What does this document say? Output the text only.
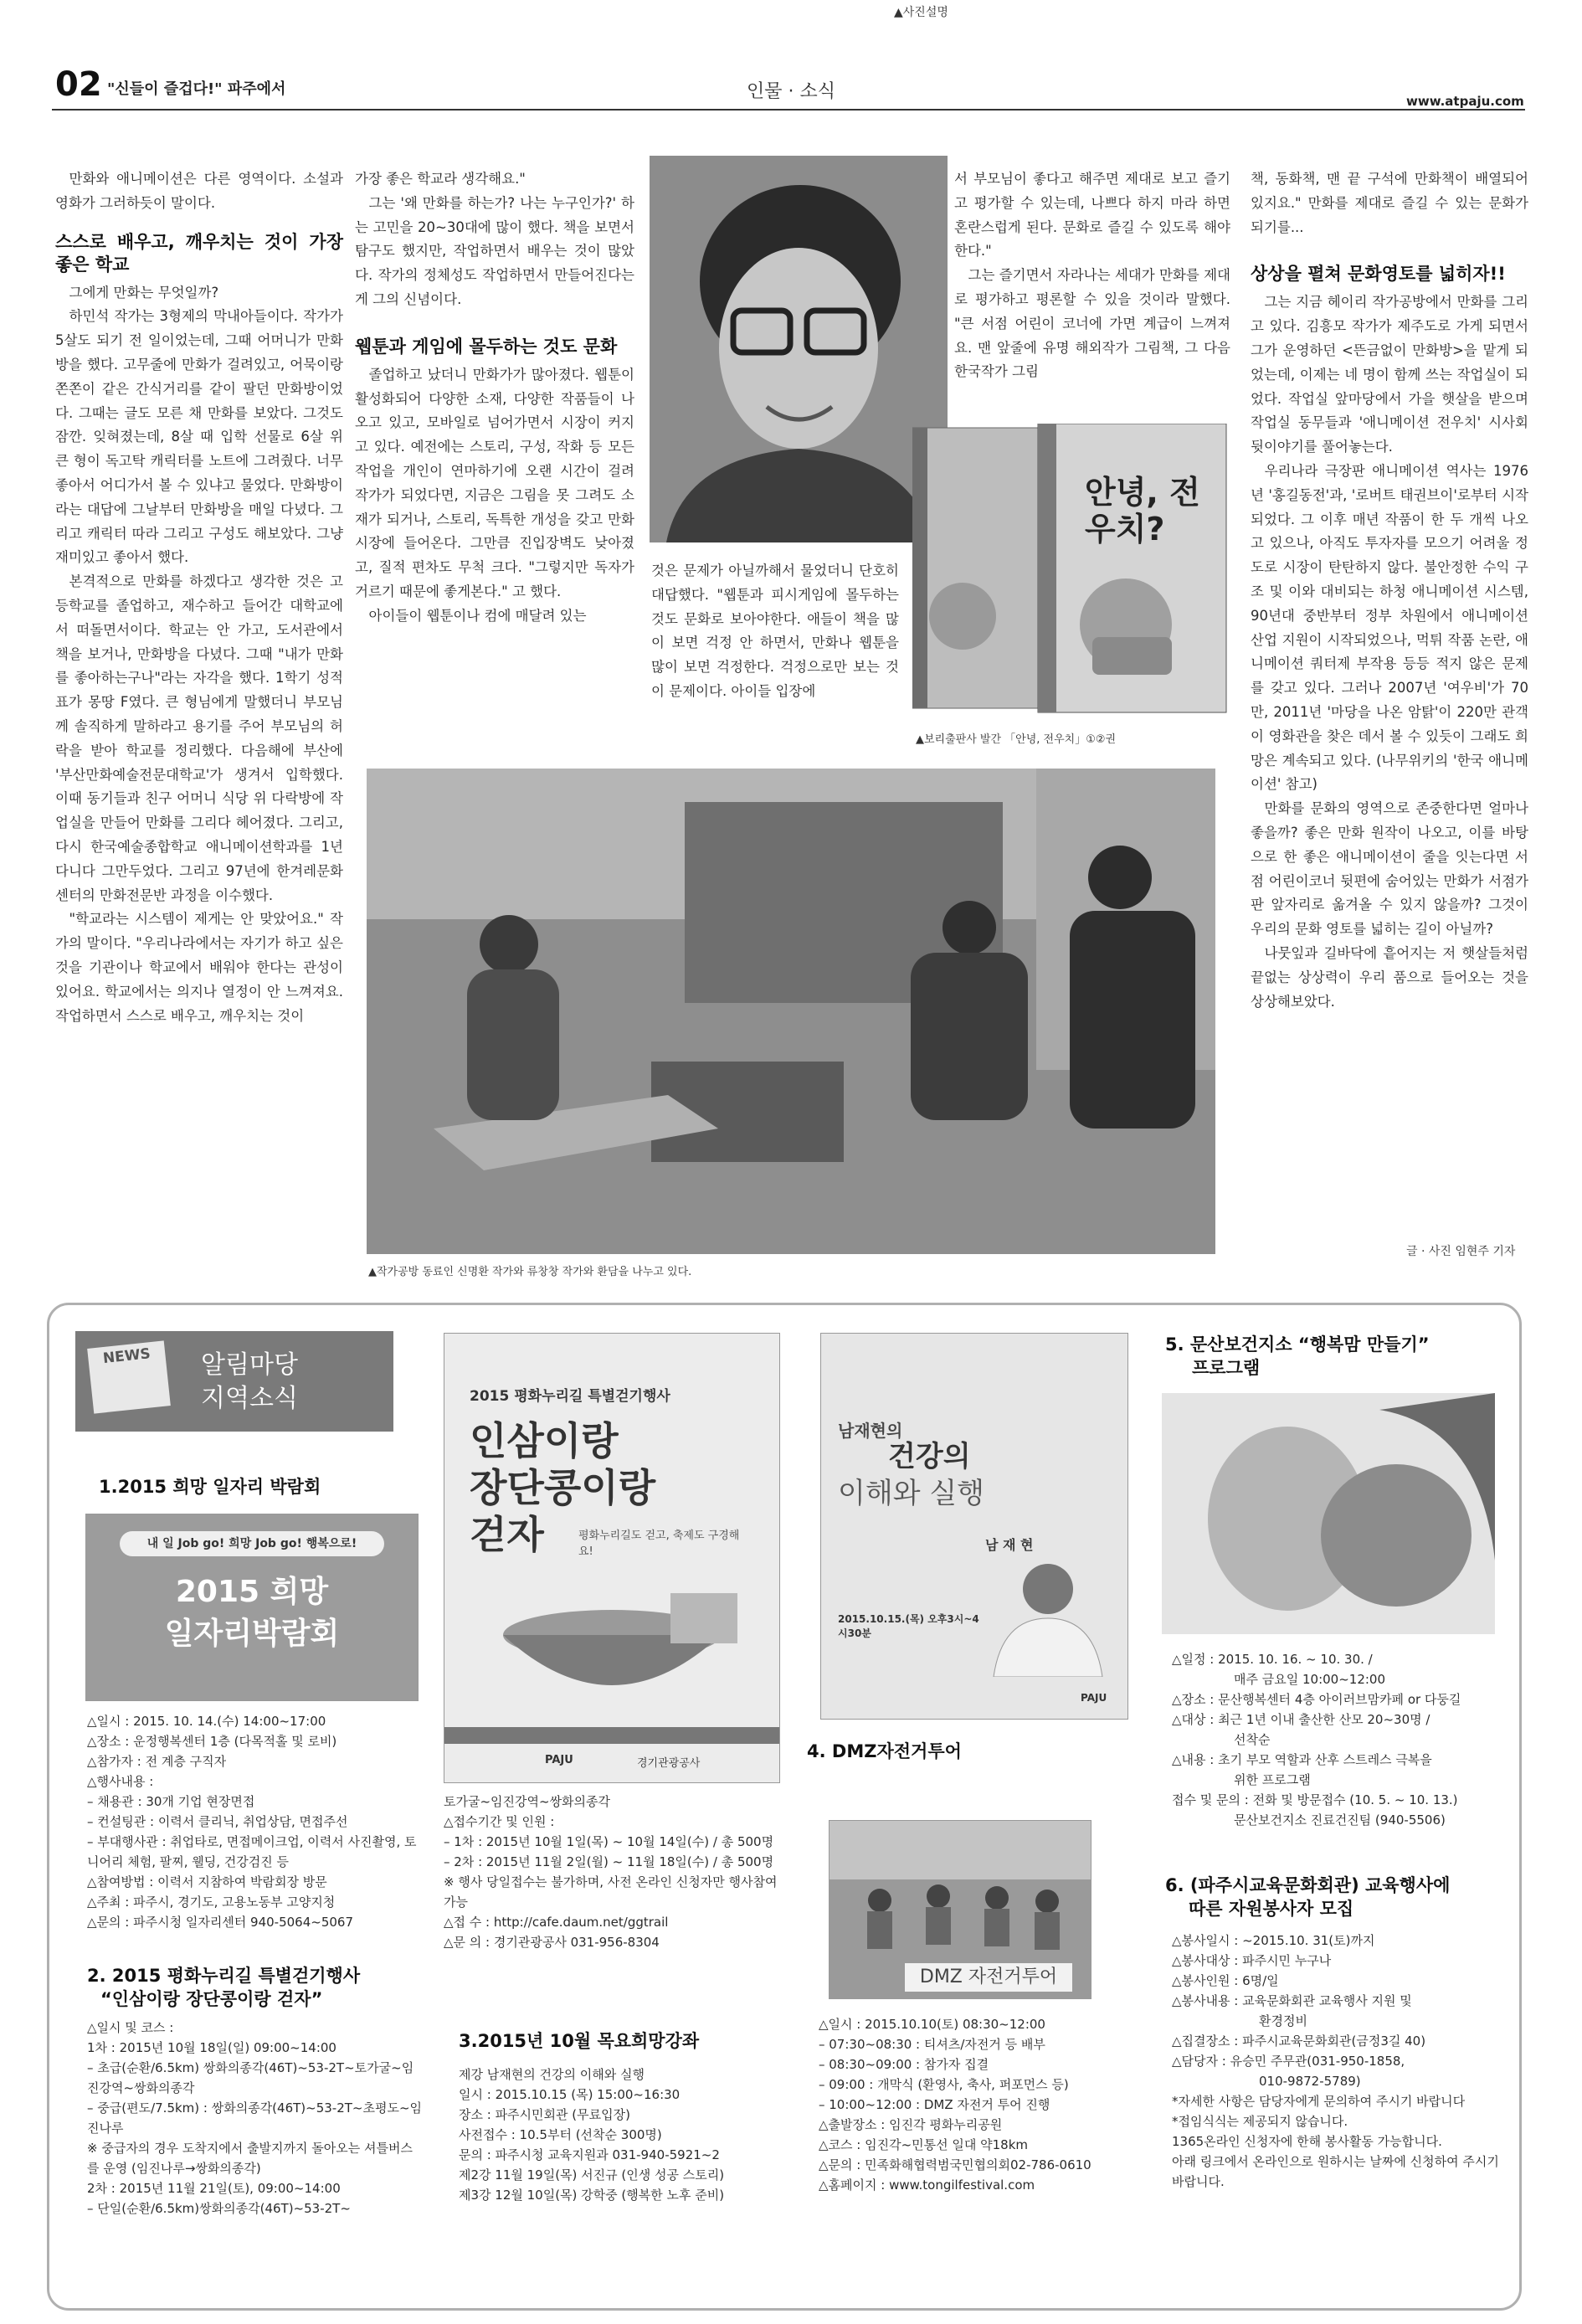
▲사진설명
02 "신들이 즐겁다!" 파주에서	인물 · 소식	www.atpaju.com

만화와 애니메이션은 다른 영역이다. 소설과 영화가 그러하듯이 말이다.

스스로 배우고, 깨우치는 것이 가장 좋은 학교

그에게 만화는 무엇일까?

하민석 작가는 3형제의 막내아들이다. 작가가 5살도 되기 전 일이었는데, 그때 어머니가 만화방을 했다. 고무줄에 만화가 걸려있고, 어묵이랑 쫀쫀이 같은 간식거리를 같이 팔던 만화방이었다. 그때는 글도 모른 채 만화를 보았다. 그것도 잠깐. 잊혀졌는데, 8살 때 입학 선물로 6살 위 큰 형이 독고탁 캐릭터를 노트에 그려줬다. 너무 좋아서 어디가서 볼 수 있냐고 물었다. 만화방이라는 대답에 그날부터 만화방을 매일 다녔다. 그리고 캐릭터 따라 그리고 구성도 해보았다. 그냥 재미있고 좋아서 했다.

본격적으로 만화를 하겠다고 생각한 것은 고등학교를 졸업하고, 재수하고 들어간 대학교에서 떠돌면서이다. 학교는 안 가고, 도서관에서 책을 보거나, 만화방을 다녔다. 그때 "내가 만화를 좋아하는구나"라는 자각을 했다. 1학기 성적표가 몽땅 F였다. 큰 형님에게 말했더니 부모님께 솔직하게 말하라고 용기를 주어 부모님의 허락을 받아 학교를 정리했다. 다음해에 부산에 '부산만화예술전문대학교'가 생겨서 입학했다. 이때 동기들과 친구 어머니 식당 위 다락방에 작업실을 만들어 만화를 그리다 헤어졌다. 그리고, 다시 한국예술종합학교 애니메이션학과를 1년 다니다 그만두었다. 그리고 97년에 한겨레문화센터의 만화전문반 과정을 이수했다.

"학교라는 시스템이 제게는 안 맞았어요." 작가의 말이다. "우리나라에서는 자기가 하고 싶은 것을 기관이나 학교에서 배워야 한다는 관성이 있어요. 학교에서는 의지나 열정이 안 느껴져요. 작업하면서 스스로 배우고, 깨우치는 것이

가장 좋은 학교라 생각해요."

그는 '왜 만화를 하는가? 나는 누구인가?' 하는 고민을 20~30대에 많이 했다. 책을 보면서 탐구도 했지만, 작업하면서 배우는 것이 많았다. 작가의 정체성도 작업하면서 만들어진다는 게 그의 신념이다.

웹툰과 게임에 몰두하는 것도 문화

졸업하고 났더니 만화가가 많아졌다. 웹툰이 활성화되어 다양한 소재, 다양한 작품들이 나오고 있고, 모바일로 넘어가면서 시장이 커지고 있다. 예전에는 스토리, 구성, 작화 등 모든 작업을 개인이 연마하기에 오랜 시간이 걸려 작가가 되었다면, 지금은 그림을 못 그려도 소재가 되거나, 스토리, 독특한 개성을 갖고 만화시장에 들어온다. 그만큼 진입장벽도 낮아졌고, 질적 편차도 무척 크다. "그렇지만 독자가 거르기 때문에 좋게본다." 고 했다.

아이들이 웹툰이나 컴에 매달려 있는

것은 문제가 아닐까해서 물었더니 단호히 대답했다. "웹툰과 피시게임에 몰두하는 것도 문화로 보아야한다. 애들이 책을 많이 보면 걱정 안 하면서, 만화나 웹툰을 많이 보면 걱정한다. 걱정으로만 보는 것이 문제이다. 아이들 입장에

안녕, 전우치?
▲보리출판사 발간 「안녕, 전우치」①②권

서 부모님이 좋다고 해주면 제대로 보고 즐기고 평가할 수 있는데, 나쁘다 하지 마라 하면 혼란스럽게 된다. 문화로 즐길 수 있도록 해야한다."

그는 즐기면서 자라나는 세대가 만화를 제대로 평가하고 평론할 수 있을 것이라 말했다. "큰 서점 어린이 코너에 가면 계급이 느껴져요. 맨 앞줄에 유명 해외작가 그림책, 그 다음 한국작가 그림

책, 동화책, 맨 끝 구석에 만화책이 배열되어 있지요." 만화를 제대로 즐길 수 있는 문화가 되기를...

상상을 펼쳐 문화영토를 넓히자!!

그는 지금 헤이리 작가공방에서 만화를 그리고 있다. 김흥모 작가가 제주도로 가게 되면서 그가 운영하던 <뜬금없이 만화방>을 맡게 되었는데, 이제는 네 명이 함께 쓰는 작업실이 되었다. 작업실 앞마당에서 가을 햇살을 받으며 작업실 동무들과 '애니메이션 전우치' 시사회 뒷이야기를 풀어놓는다.

우리나라 극장판 애니메이션 역사는 1976년 '홍길동전'과, '로버트 태권브이'로부터 시작되었다. 그 이후 매년 작품이 한 두 개씩 나오고 있으나, 아직도 투자자를 모으기 어려울 정도로 시장이 탄탄하지 않다. 불안정한 수익 구조 및 이와 대비되는 하청 애니메이션 시스템, 90년대 중반부터 정부 차원에서 애니메이션 산업 지원이 시작되었으나, 먹튀 작품 논란, 애니메이션 쿼터제 부작용 등등 적지 않은 문제를 갖고 있다. 그러나 2007년 '여우비'가 70만, 2011년 '마당을 나온 암탉'이 220만 관객이 영화관을 찾은 데서 볼 수 있듯이 그래도 희망은 계속되고 있다. (나무위키의 '한국 애니메이션' 참고)

만화를 문화의 영역으로 존중한다면 얼마나 좋을까? 좋은 만화 원작이 나오고, 이를 바탕으로 한 좋은 애니메이션이 줄을 잇는다면 서점 어린이코너 뒷편에 숨어있는 만화가 서점가판 앞자리로 옮겨올 수 있지 않을까? 그것이 우리의 문화 영토를 넓히는 길이 아닐까?

나뭇잎과 길바닥에 흩어지는 저 햇살들처럼 끝없는 상상력이 우리 품으로 들어오는 것을 상상해보았다.

글 · 사진 임현주 기자
▲작가공방 동료인 신명환 작가와 류창창 작가와 환담을 나누고 있다.
NEWS	알림마당
지역소식
1.2015 희망 일자리 박람회
내 일 Job go! 희망 Job go! 행복으로!
2015 희망
일자리박람회

△일시 : 2015. 10. 14.(수) 14:00~17:00

△장소 : 운정행복센터 1층 (다목적홀 및 로비)

△참가자 : 전 계층 구직자

△행사내용 :

– 채용관 : 30개 기업 현장면접

– 컨설팅관 : 이력서 클리닉, 취업상담, 면접주선

– 부대행사관 : 취업타로, 면접메이크업, 이력서 사진촬영, 토니어리 체험, 팔찌, 웰딩, 건강검진 등

△참여방법 : 이력서 지참하여 박람회장 방문

△주최 : 파주시, 경기도, 고용노동부 고양지청

△문의 : 파주시청 일자리센터 940-5064~5067

2. 2015 평화누리길 특별걷기행사
“인삼이랑 장단콩이랑 걷자”

△일시 및 코스 :

1차 : 2015년 10월 18일(일) 09:00~14:00

– 초급(순환/6.5km) 쌍화의종각(46T)~53-2T~토가굴~임진강역~쌍화의종각

– 중급(편도/7.5km) : 쌍화의종각(46T)~53-2T~초평도~임진나루

※ 중급자의 경우 도착지에서 출발지까지 돌아오는 셔틀버스를 운영 (임진나루→쌍화의종각)

2차 : 2015년 11월 21일(토), 09:00~14:00

– 단일(순환/6.5km)쌍화의종각(46T)~53-2T~

2015 평화누리길 특별걷기행사
인삼이랑
장단콩이랑
걷자	평화누리길도 걷고, 축제도 구경해요!
PAJU	경기관광공사

토가굴~임진강역~쌍화의종각

△접수기간 및 인원 :

– 1차 : 2015년 10월 1일(목) ~ 10월 14일(수) / 총 500명

– 2차 : 2015년 11월 2일(월) ~ 11월 18일(수) / 총 500명

※ 행사 당일접수는 불가하며, 사전 온라인 신청자만 행사참여 가능

△접 수 : http://cafe.daum.net/ggtrail

△문 의 : 경기관광공사 031-956-8304

3.2015년 10월 목요희망강좌

제강 남재현의 건강의 이해와 실행

일시 : 2015.10.15 (목) 15:00~16:30

장소 : 파주시민회관 (무료입장)

사전접수 : 10.5부터 (선착순 300명)

문의 : 파주시청 교육지원과 031-940-5921~2

제2강 11월 19일(목) 서진규 (인생 성공 스토리)

제3강 12월 10일(목) 강학중 (행복한 노후 준비)

남재현의
건강의
이해와 실행
남 재 현
2015.10.15.(목) 오후3시~4시30분
PAJU
4. DMZ자전거투어
DMZ 자전거투어

△일시 : 2015.10.10(토) 08:30~12:00

– 07:30~08:30 : 티셔츠/자전거 등 배부

– 08:30~09:00 : 참가자 집결

– 09:00 : 개막식 (환영사, 축사, 퍼포먼스 등)

– 10:00~12:00 : DMZ 자전거 투어 진행

△출발장소 : 임진각 평화누리공원

△코스 : 임진각~민통선 일대 약18km

△문의 : 민족화해협력범국민협의회02-786-0610

△홈페이지 : www.tongilfestival.com

5. 문산보건지소 “행복맘 만들기”
프로그램

△일정 : 2015. 10. 16. ~ 10. 30. /

매주 금요일 10:00~12:00

△장소 : 문산행복센터 4층 아이러브맘카페 or 다둥길

△대상 : 최근 1년 이내 출산한 산모 20~30명 /

선착순

△내용 : 초기 부모 역할과 산후 스트레스 극복을

위한 프로그램

접수 및 문의 : 전화 및 방문접수 (10. 5. ~ 10. 13.)

문산보건지소 진료건진팀 (940-5506)

6. (파주시교육문화회관) 교육행사에
따른 자원봉사자 모집

△봉사일시 : ~2015.10. 31(토)까지

△봉사대상 : 파주시민 누구나

△봉사인원 : 6명/일

△봉사내용 : 교육문화회관 교육행사 지원 및

환경정비

△집결장소 : 파주시교육문화회관(금정3길 40)

△담당자 : 유승민 주무관(031-950-1858,

010-9872-5789)

*자세한 사항은 담당자에게 문의하여 주시기 바랍니다

*접임식식는 제공되지 않습니다.

1365온라인 신청자에 한해 봉사활동 가능합니다.

아래 링크에서 온라인으로 원하시는 날짜에 신청하여 주시기 바랍니다.
